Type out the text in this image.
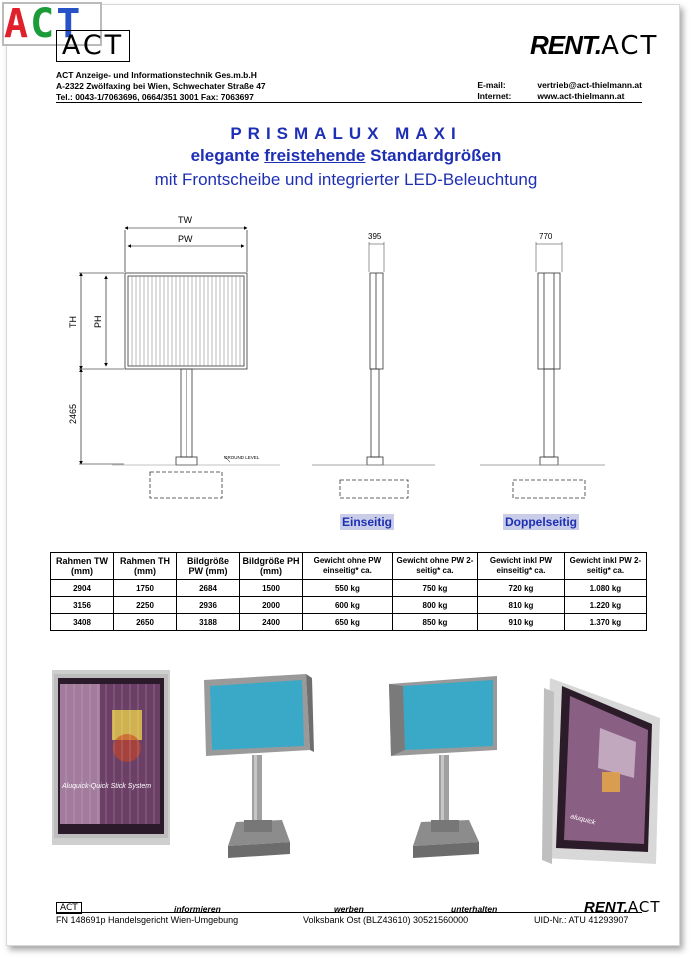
ACT
ACT	RENT.ACT
ACT Anzeige- und Informationstechnik Ges.m.b.H
A-2322 Zwölfaxing bei Wien, Schwechater Straße 47
Tel.: 0043-1/7063696, 0664/351 3001 Fax: 7063697
E-mail:	vertrieb@act-thielmann.at
Internet:	www.act-thielmann.at
PRISMALUX MAXI
elegante freistehende Standardgrößen
mit Frontscheibe und integrierter LED-Beleuchtung
TW
PW
TH PH
2465
GROUND LEVEL
395	770
Einseitig	Doppelseitig
Rahmen TW (mm)	Rahmen TH (mm)	Bildgröße PW (mm)	Bildgröße PH (mm)	Gewicht ohne PW einseitig* ca.	Gewicht ohne PW 2-seitig* ca.	Gewicht inkl PW einseitig* ca.	Gewicht inkl PW 2-seitig* ca.
2904	1750	2684	1500	550 kg	750 kg	720 kg	1.080 kg
3156	2250	2936	2000	600 kg	800 kg	810 kg	1.220 kg
3408	2650	3188	2400	650 kg	850 kg	910 kg	1.370 kg
Aluquick-Quick Stick System
aluquick
ACT	informieren	werben	unterhalten	RENT.ACT
FN 148691p Handelsgericht Wien-Umgebung	Volksbank Ost (BLZ43610) 30521560000	UID-Nr.: ATU 41293907
